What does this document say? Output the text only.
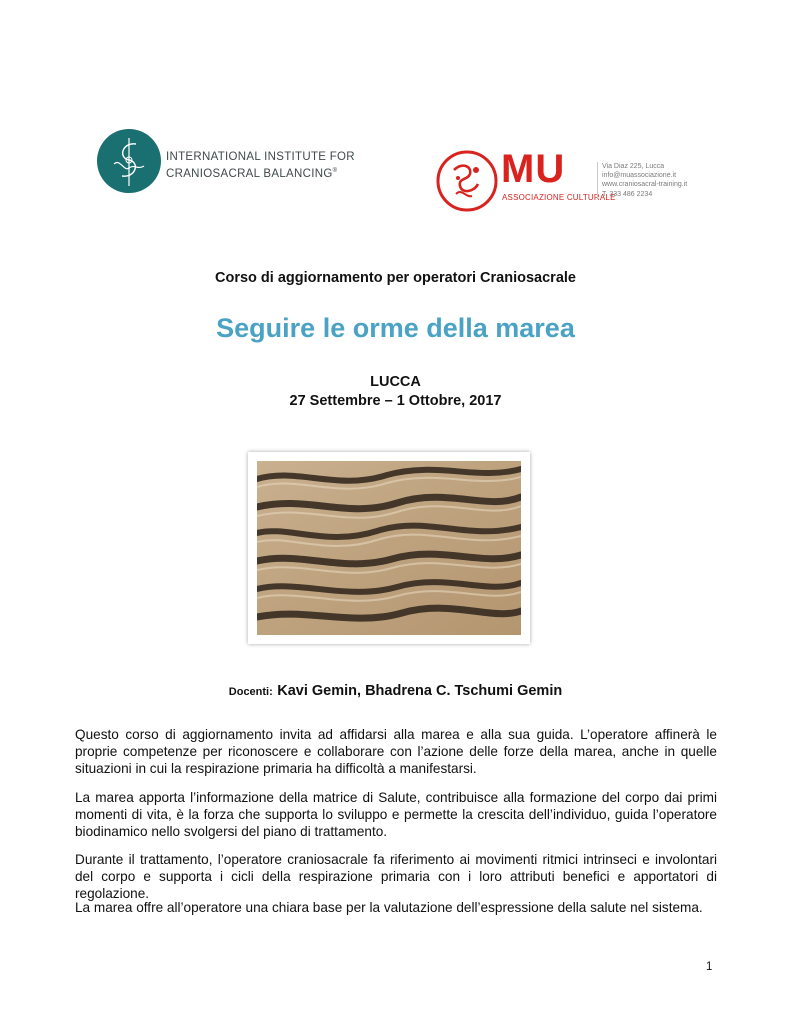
INTERNATIONAL INSTITUTE FOR
CRANIOSACRAL BALANCING®	MU
ASSOCIAZIONE CULTURALE
Via Diaz 225, Lucca
info@muassociazione.it
www.craniosacral-training.it
T. 333 486 2234
Corso di aggiornamento per operatori Craniosacrale
Seguire le orme della marea
LUCCA
27 Settembre – 1 Ottobre, 2017
Docenti: Kavi Gemin, Bhadrena C. Tschumi Gemin
Questo corso di aggiornamento invita ad affidarsi alla marea e alla sua guida. L’operatore affinerà le proprie competenze per riconoscere e collaborare con l’azione delle forze della marea, anche in quelle situazioni in cui la respirazione primaria ha difficoltà a manifestarsi.
La marea apporta l’informazione della matrice di Salute, contribuisce alla formazione del corpo dai primi momenti di vita, è la forza che supporta lo sviluppo e permette la crescita dell’individuo, guida l’operatore biodinamico nello svolgersi del piano di trattamento.
Durante il trattamento, l’operatore craniosacrale fa riferimento ai movimenti ritmici intrinseci e involontari del corpo e supporta i cicli della respirazione primaria con i loro attributi benefici e apportatori di regolazione.
La marea offre all’operatore una chiara base per la valutazione dell’espressione della salute nel sistema.
1
